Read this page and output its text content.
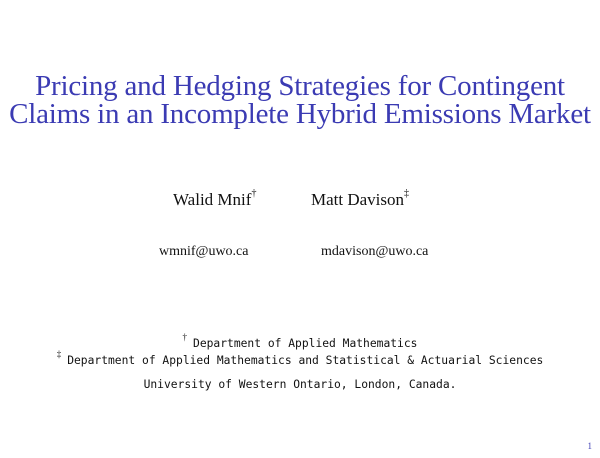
Pricing and Hedging Strategies for Contingent
Claims in an Incomplete Hybrid Emissions Market
Walid Mnif†	Matt Davison‡
wmnif@uwo.ca	mdavison@uwo.ca
† Department of Applied Mathematics
‡ Department of Applied Mathematics and Statistical & Actuarial Sciences
University of Western Ontario, London, Canada.
1
